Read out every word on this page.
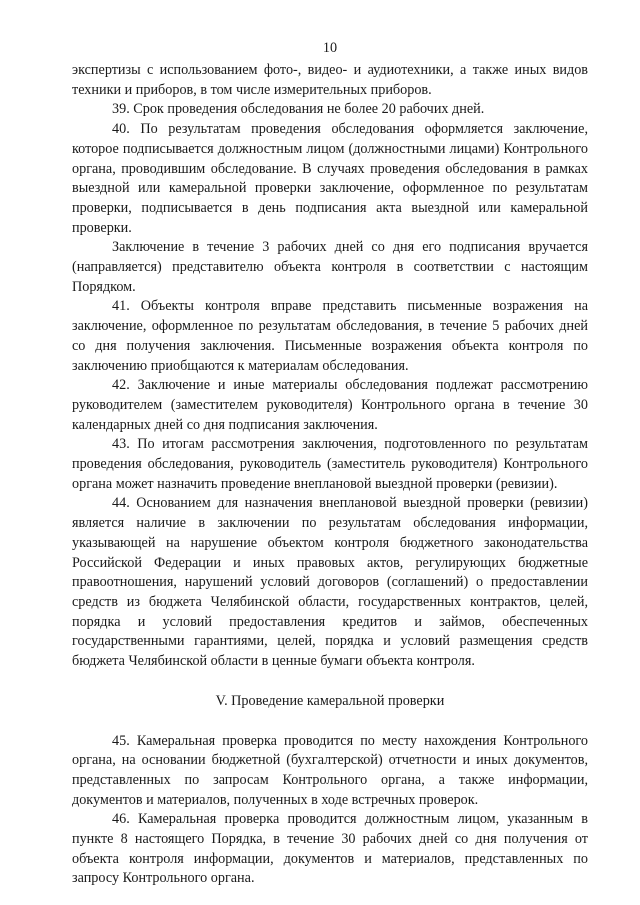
10

экспертизы с использованием фото-, видео- и аудиотехники, а также иных видов техники и приборов, в том числе измерительных приборов.

39. Срок проведения обследования не более 20 рабочих дней.

40. По результатам проведения обследования оформляется заключение, которое подписывается должностным лицом (должностными лицами) Контрольного органа, проводившим обследование. В случаях проведения обследования в рамках выездной или камеральной проверки заключение, оформленное по результатам проверки, подписывается в день подписания акта выездной или камеральной проверки.

Заключение в течение 3 рабочих дней со дня его подписания вручается (направляется) представителю объекта контроля в соответствии с настоящим Порядком.

41. Объекты контроля вправе представить письменные возражения на заключение, оформленное по результатам обследования, в течение 5 рабочих дней со дня получения заключения. Письменные возражения объекта контроля по заключению приобщаются к материалам обследования.

42. Заключение и иные материалы обследования подлежат рассмотрению руководителем (заместителем руководителя) Контрольного органа в течение 30 календарных дней со дня подписания заключения.

43. По итогам рассмотрения заключения, подготовленного по результатам проведения обследования, руководитель (заместитель руководителя) Контрольного органа может назначить проведение внеплановой выездной проверки (ревизии).

44. Основанием для назначения внеплановой выездной проверки (ревизии) является наличие в заключении по результатам обследования информации, указывающей на нарушение объектом контроля бюджетного законодательства Российской Федерации и иных правовых актов, регулирующих бюджетные правоотношения, нарушений условий договоров (соглашений) о предоставлении средств из бюджета Челябинской области, государственных контрактов, целей, порядка и условий предоставления кредитов и займов, обеспеченных государственными гарантиями, целей, порядка и условий размещения средств бюджета Челябинской области в ценные бумаги объекта контроля.

V. Проведение камеральной проверки

45. Камеральная проверка проводится по месту нахождения Контрольного органа, на основании бюджетной (бухгалтерской) отчетности и иных документов, представленных по запросам Контрольного органа, а также информации, документов и материалов, полученных в ходе встречных проверок.

46. Камеральная проверка проводится должностным лицом, указанным в пункте 8 настоящего Порядка, в течение 30 рабочих дней со дня получения от объекта контроля информации, документов и материалов, представленных по запросу Контрольного органа.
